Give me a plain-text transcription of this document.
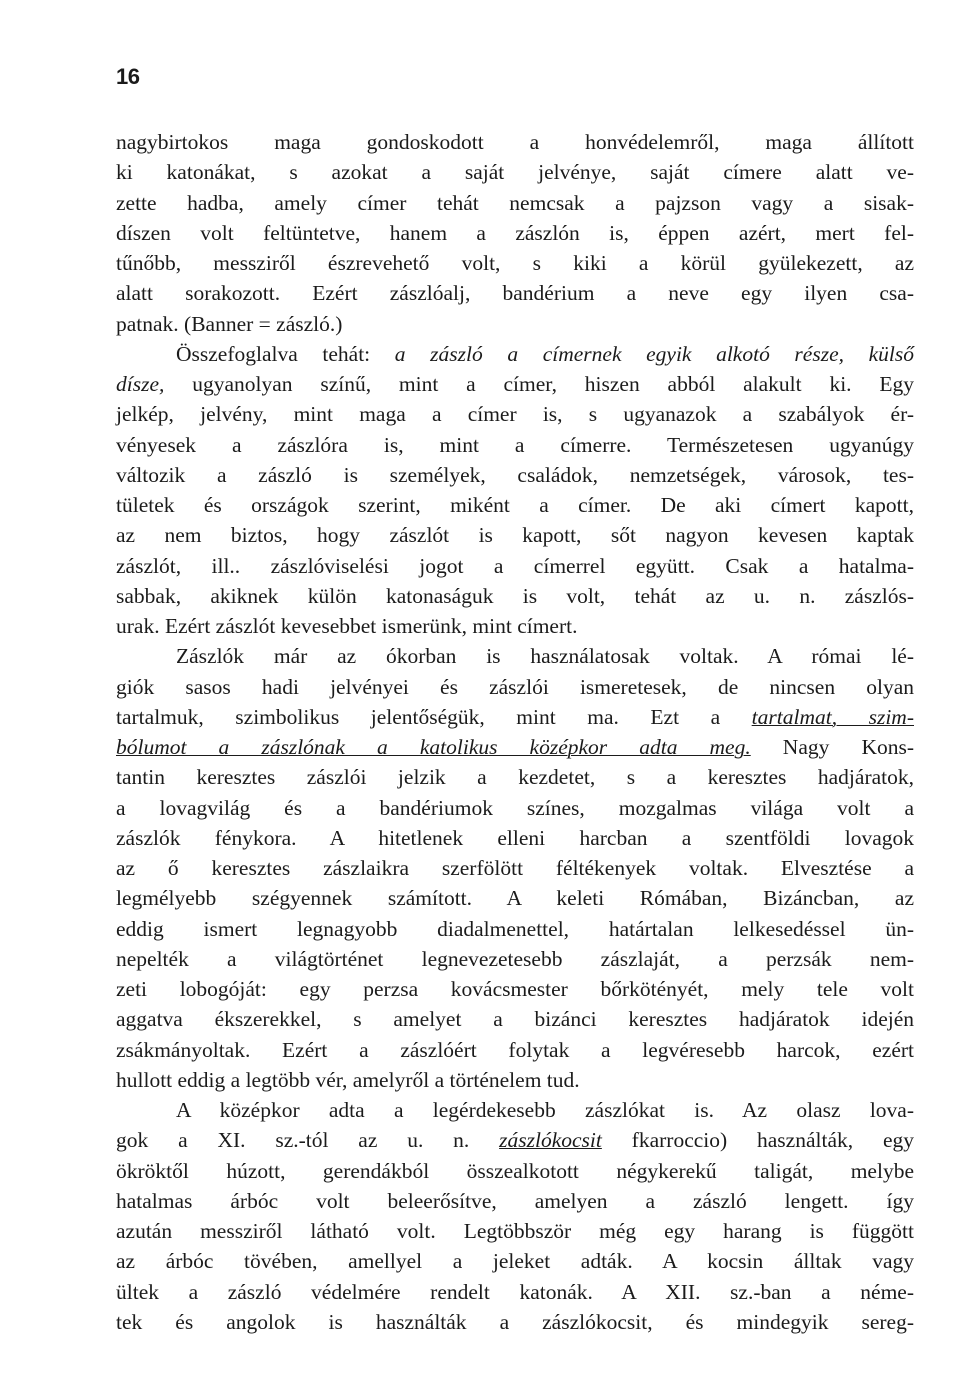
16
nagybirtokos maga gondoskodott a honvédelemről, maga állított
ki katonákat, s azokat a saját jelvénye, saját címere alatt ve-
zette hadba, amely címer tehát nemcsak a pajzson vagy a sisak-
díszen volt feltüntetve, hanem a zászlón is, éppen azért, mert fel-
tűnőbb, messziről észrevehető volt, s kiki a körül gyülekezett, az
alatt sorakozott. Ezért zászlóalj, bandérium a neve egy ilyen csa-
patnak. (Banner = zászló.)
Összefoglalva tehát: a zászló a címernek egyik alkotó része, külső
dísze, ugyanolyan színű, mint a címer, hiszen abból alakult ki. Egy
jelkép, jelvény, mint maga a címer is, s ugyanazok a szabályok ér-
vényesek a zászlóra is, mint a címerre. Természetesen ugyanúgy
változik a zászló is személyek, családok, nemzetségek, városok, tes-
tületek és országok szerint, miként a címer. De aki címert kapott,
az nem biztos, hogy zászlót is kapott, sőt nagyon kevesen kaptak
zászlót, ill.. zászlóviselési jogot a címerrel együtt. Csak a hatalma-
sabbak, akiknek külön katonaságuk is volt, tehát az u. n. zászlós-
urak. Ezért zászlót kevesebbet ismerünk, mint címert.
Zászlók már az ókorban is használatosak voltak. A római lé-
giók sasos hadi jelvényei és zászlói ismeretesek, de nincsen olyan
tartalmuk, szimbolikus jelentőségük, mint ma. Ezt a tartalmat, szim-
bólumot a zászlónak a katolikus középkor adta meg. Nagy Kons-
tantin keresztes zászlói jelzik a kezdetet, s a keresztes hadjáratok,
a lovagvilág és a bandériumok színes, mozgalmas világa volt a
zászlók fénykora. A hitetlenek elleni harcban a szentföldi lovagok
az ő keresztes zászlaikra szerfölött féltékenyek voltak. Elvesztése a
legmélyebb szégyennek számított. A keleti Rómában, Bizáncban, az
eddig ismert legnagyobb diadalmenettel, határtalan lelkesedéssel ün-
nepelték a világtörténet legnevezetesebb zászlaját, a perzsák nem-
zeti lobogóját: egy perzsa kovácsmester bőrkötényét, mely tele volt
aggatva ékszerekkel, s amelyet a bizánci keresztes hadjáratok idején
zsákmányoltak. Ezért a zászlóért folytak a legvéresebb harcok, ezért
hullott eddig a legtöbb vér, amelyről a történelem tud.
A középkor adta a legérdekesebb zászlókat is. Az olasz lova-
gok a XI. sz.-tól az u. n. zászlókocsit fkarroccio) használták, egy
ökröktől húzott, gerendákból összealkotott négykerekű taligát, melybe
hatalmas árbóc volt beleerősítve, amelyen a zászló lengett. így
azután messziről látható volt. Legtöbbször még egy harang is függött
az árbóc tövében, amellyel a jeleket adták. A kocsin álltak vagy
ültek a zászló védelmére rendelt katonák. A XII. sz.-ban a néme-
tek és angolok is használták a zászlókocsit, és mindegyik sereg-
